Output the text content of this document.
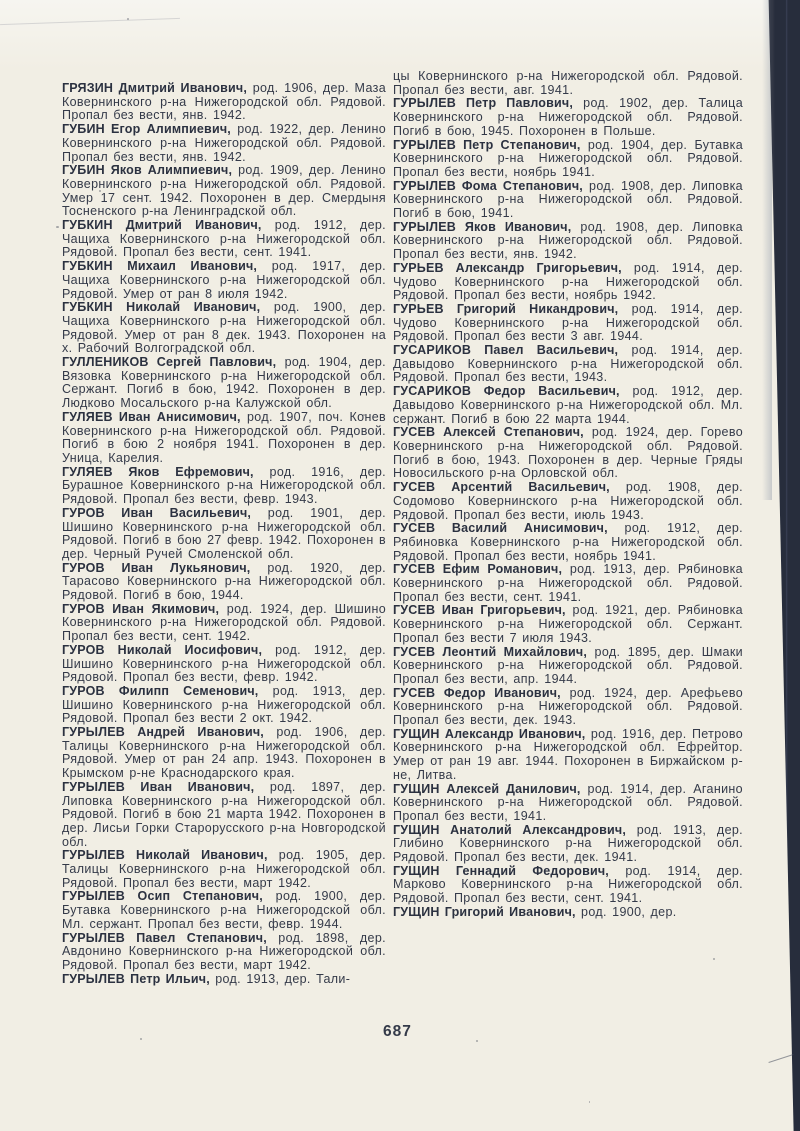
ГРЯЗИН Дмитрий Иванович, род. 1906, дер. Маза Ковернинского р-на Нижегородской обл. Рядовой. Пропал без вести, янв. 1942.

ГУБИН Егор Алимпиевич, род. 1922, дер. Ленино Ковернинского р-на Нижегородской обл. Рядовой. Пропал без вести, янв. 1942.

ГУБИН Яков Алимпиевич, род. 1909, дер. Ленино Ковернинского р-на Нижегородской обл. Рядовой. Умер 17 сент. 1942. Похоронен в дер. Смердыня Тосненского р-на Ленинградской обл.

ГУБКИН Дмитрий Иванович, род. 1912, дер. Чащиха Ковернинского р-на Нижегородской обл. Рядовой. Пропал без вести, сент. 1941.

ГУБКИН Михаил Иванович, род. 1917, дер. Чащиха Ковернинского р-на Нижегородской обл. Рядовой. Умер от ран 8 июля 1942.

ГУБКИН Николай Иванович, род. 1900, дер. Чащиха Ковернинского р-на Нижегородской обл. Рядовой. Умер от ран 8 дек. 1943. Похоронен на х. Рабочий Волгоградской обл.

ГУЛЛЕНИКОВ Сергей Павлович, род. 1904, дер. Вязовка Ковернинского р-на Нижегородской обл. Сержант. Погиб в бою, 1942. Похоронен в дер. Людково Мосальского р-на Калужской обл.

ГУЛЯЕВ Иван Анисимович, род. 1907, поч. Конев Ковернинского р-на Нижегородской обл. Рядовой. Погиб в бою 2 ноября 1941. Похоронен в дер. Уница, Карелия.

ГУЛЯЕВ Яков Ефремович, род. 1916, дер. Бурашное Ковернинского р-на Нижегородской обл. Рядовой. Пропал без вести, февр. 1943.

ГУРОВ Иван Васильевич, род. 1901, дер. Шишино Ковернинского р-на Нижегородской обл. Рядовой. Погиб в бою 27 февр. 1942. Похоронен в дер. Черный Ручей Смоленской обл.

ГУРОВ Иван Лукьянович, род. 1920, дер. Тарасово Ковернинского р-на Нижегородской обл. Рядовой. Погиб в бою, 1944.

ГУРОВ Иван Якимович, род. 1924, дер. Шишино Ковернинского р-на Нижегородской обл. Рядовой. Пропал без вести, сент. 1942.

ГУРОВ Николай Иосифович, род. 1912, дер. Шишино Ковернинского р-на Нижегородской обл. Рядовой. Пропал без вести, февр. 1942.

ГУРОВ Филипп Семенович, род. 1913, дер. Шишино Ковернинского р-на Нижегородской обл. Рядовой. Пропал без вести 2 окт. 1942.

ГУРЫЛЕВ Андрей Иванович, род. 1906, дер. Талицы Ковернинского р-на Нижегородской обл. Рядовой. Умер от ран 24 апр. 1943. Похоронен в Крымском р-не Краснодарского края.

ГУРЫЛЕВ Иван Иванович, род. 1897, дер. Липовка Ковернинского р-на Нижегородской обл. Рядовой. Погиб в бою 21 марта 1942. Похоронен в дер. Лисьи Горки Старорусского р-на Новгородской обл.

ГУРЫЛЕВ Николай Иванович, род. 1905, дер. Талицы Ковернинского р-на Нижегородской обл. Рядовой. Пропал без вести, март 1942.

ГУРЫЛЕВ Осип Степанович, род. 1900, дер. Бутавка Ковернинского р-на Нижегородской обл. Мл. сержант. Пропал без вести, февр. 1944.

ГУРЫЛЕВ Павел Степанович, род. 1898, дер. Авдонино Ковернинского р-на Нижегородской обл. Рядовой. Пропал без вести, март 1942.

ГУРЫЛЕВ Петр Ильич, род. 1913, дер. Тали-

цы Ковернинского р-на Нижегородской обл. Рядовой. Пропал без вести, авг. 1941.

ГУРЫЛЕВ Петр Павлович, род. 1902, дер. Талица Ковернинского р-на Нижегородской обл. Рядовой. Погиб в бою, 1945. Похоронен в Польше.

ГУРЫЛЕВ Петр Степанович, род. 1904, дер. Бутавка Ковернинского р-на Нижегородской обл. Рядовой. Пропал без вести, ноябрь 1941.

ГУРЫЛЕВ Фома Степанович, род. 1908, дер. Липовка Ковернинского р-на Нижегородской обл. Рядовой. Погиб в бою, 1941.

ГУРЫЛЕВ Яков Иванович, род. 1908, дер. Липовка Ковернинского р-на Нижегородской обл. Рядовой. Пропал без вести, янв. 1942.

ГУРЬЕВ Александр Григорьевич, род. 1914, дер. Чудово Ковернинского р-на Нижегородской обл. Рядовой. Пропал без вести, ноябрь 1942.

ГУРЬЕВ Григорий Никандрович, род. 1914, дер. Чудово Ковернинского р-на Нижегородской обл. Рядовой. Пропал без вести 3 авг. 1944.

ГУСАРИКОВ Павел Васильевич, род. 1914, дер. Давыдово Ковернинского р-на Нижегородской обл. Рядовой. Пропал без вести, 1943.

ГУСАРИКОВ Федор Васильевич, род. 1912, дер. Давыдово Ковернинского р-на Нижегородской обл. Мл. сержант. Погиб в бою 22 марта 1944.

ГУСЕВ Алексей Степанович, род. 1924, дер. Горево Ковернинского р-на Нижегородской обл. Рядовой. Погиб в бою, 1943. Похоронен в дер. Черные Гряды Новосильского р-на Орловской обл.

ГУСЕВ Арсентий Васильевич, род. 1908, дер. Содомово Ковернинского р-на Нижегородской обл. Рядовой. Пропал без вести, июль 1943.

ГУСЕВ Василий Анисимович, род. 1912, дер. Рябиновка Ковернинского р-на Нижегородской обл. Рядовой. Пропал без вести, ноябрь 1941.

ГУСЕВ Ефим Романович, род. 1913, дер. Рябиновка Ковернинского р-на Нижегородской обл. Рядовой. Пропал без вести, сент. 1941.

ГУСЕВ Иван Григорьевич, род. 1921, дер. Рябиновка Ковернинского р-на Нижегородской обл. Сержант. Пропал без вести 7 июля 1943.

ГУСЕВ Леонтий Михайлович, род. 1895, дер. Шмаки Ковернинского р-на Нижегородской обл. Рядовой. Пропал без вести, апр. 1944.

ГУСЕВ Федор Иванович, род. 1924, дер. Арефьево Ковернинского р-на Нижегородской обл. Рядовой. Пропал без вести, дек. 1943.

ГУЩИН Александр Иванович, род. 1916, дер. Петрово Ковернинского р-на Нижегородской обл. Ефрейтор. Умер от ран 19 авг. 1944. Похоронен в Биржайском р-не, Литва.

ГУЩИН Алексей Данилович, род. 1914, дер. Аганино Ковернинского р-на Нижегородской обл. Рядовой. Пропал без вести, 1941.

ГУЩИН Анатолий Александрович, род. 1913, дер. Глибино Ковернинского р-на Нижегородской обл. Рядовой. Пропал без вести, дек. 1941.

ГУЩИН Геннадий Федорович, род. 1914, дер. Марково Ковернинского р-на Нижегородской обл. Рядовой. Пропал без вести, сент. 1941.

ГУЩИН Григорий Иванович, род. 1900, дер.

687
